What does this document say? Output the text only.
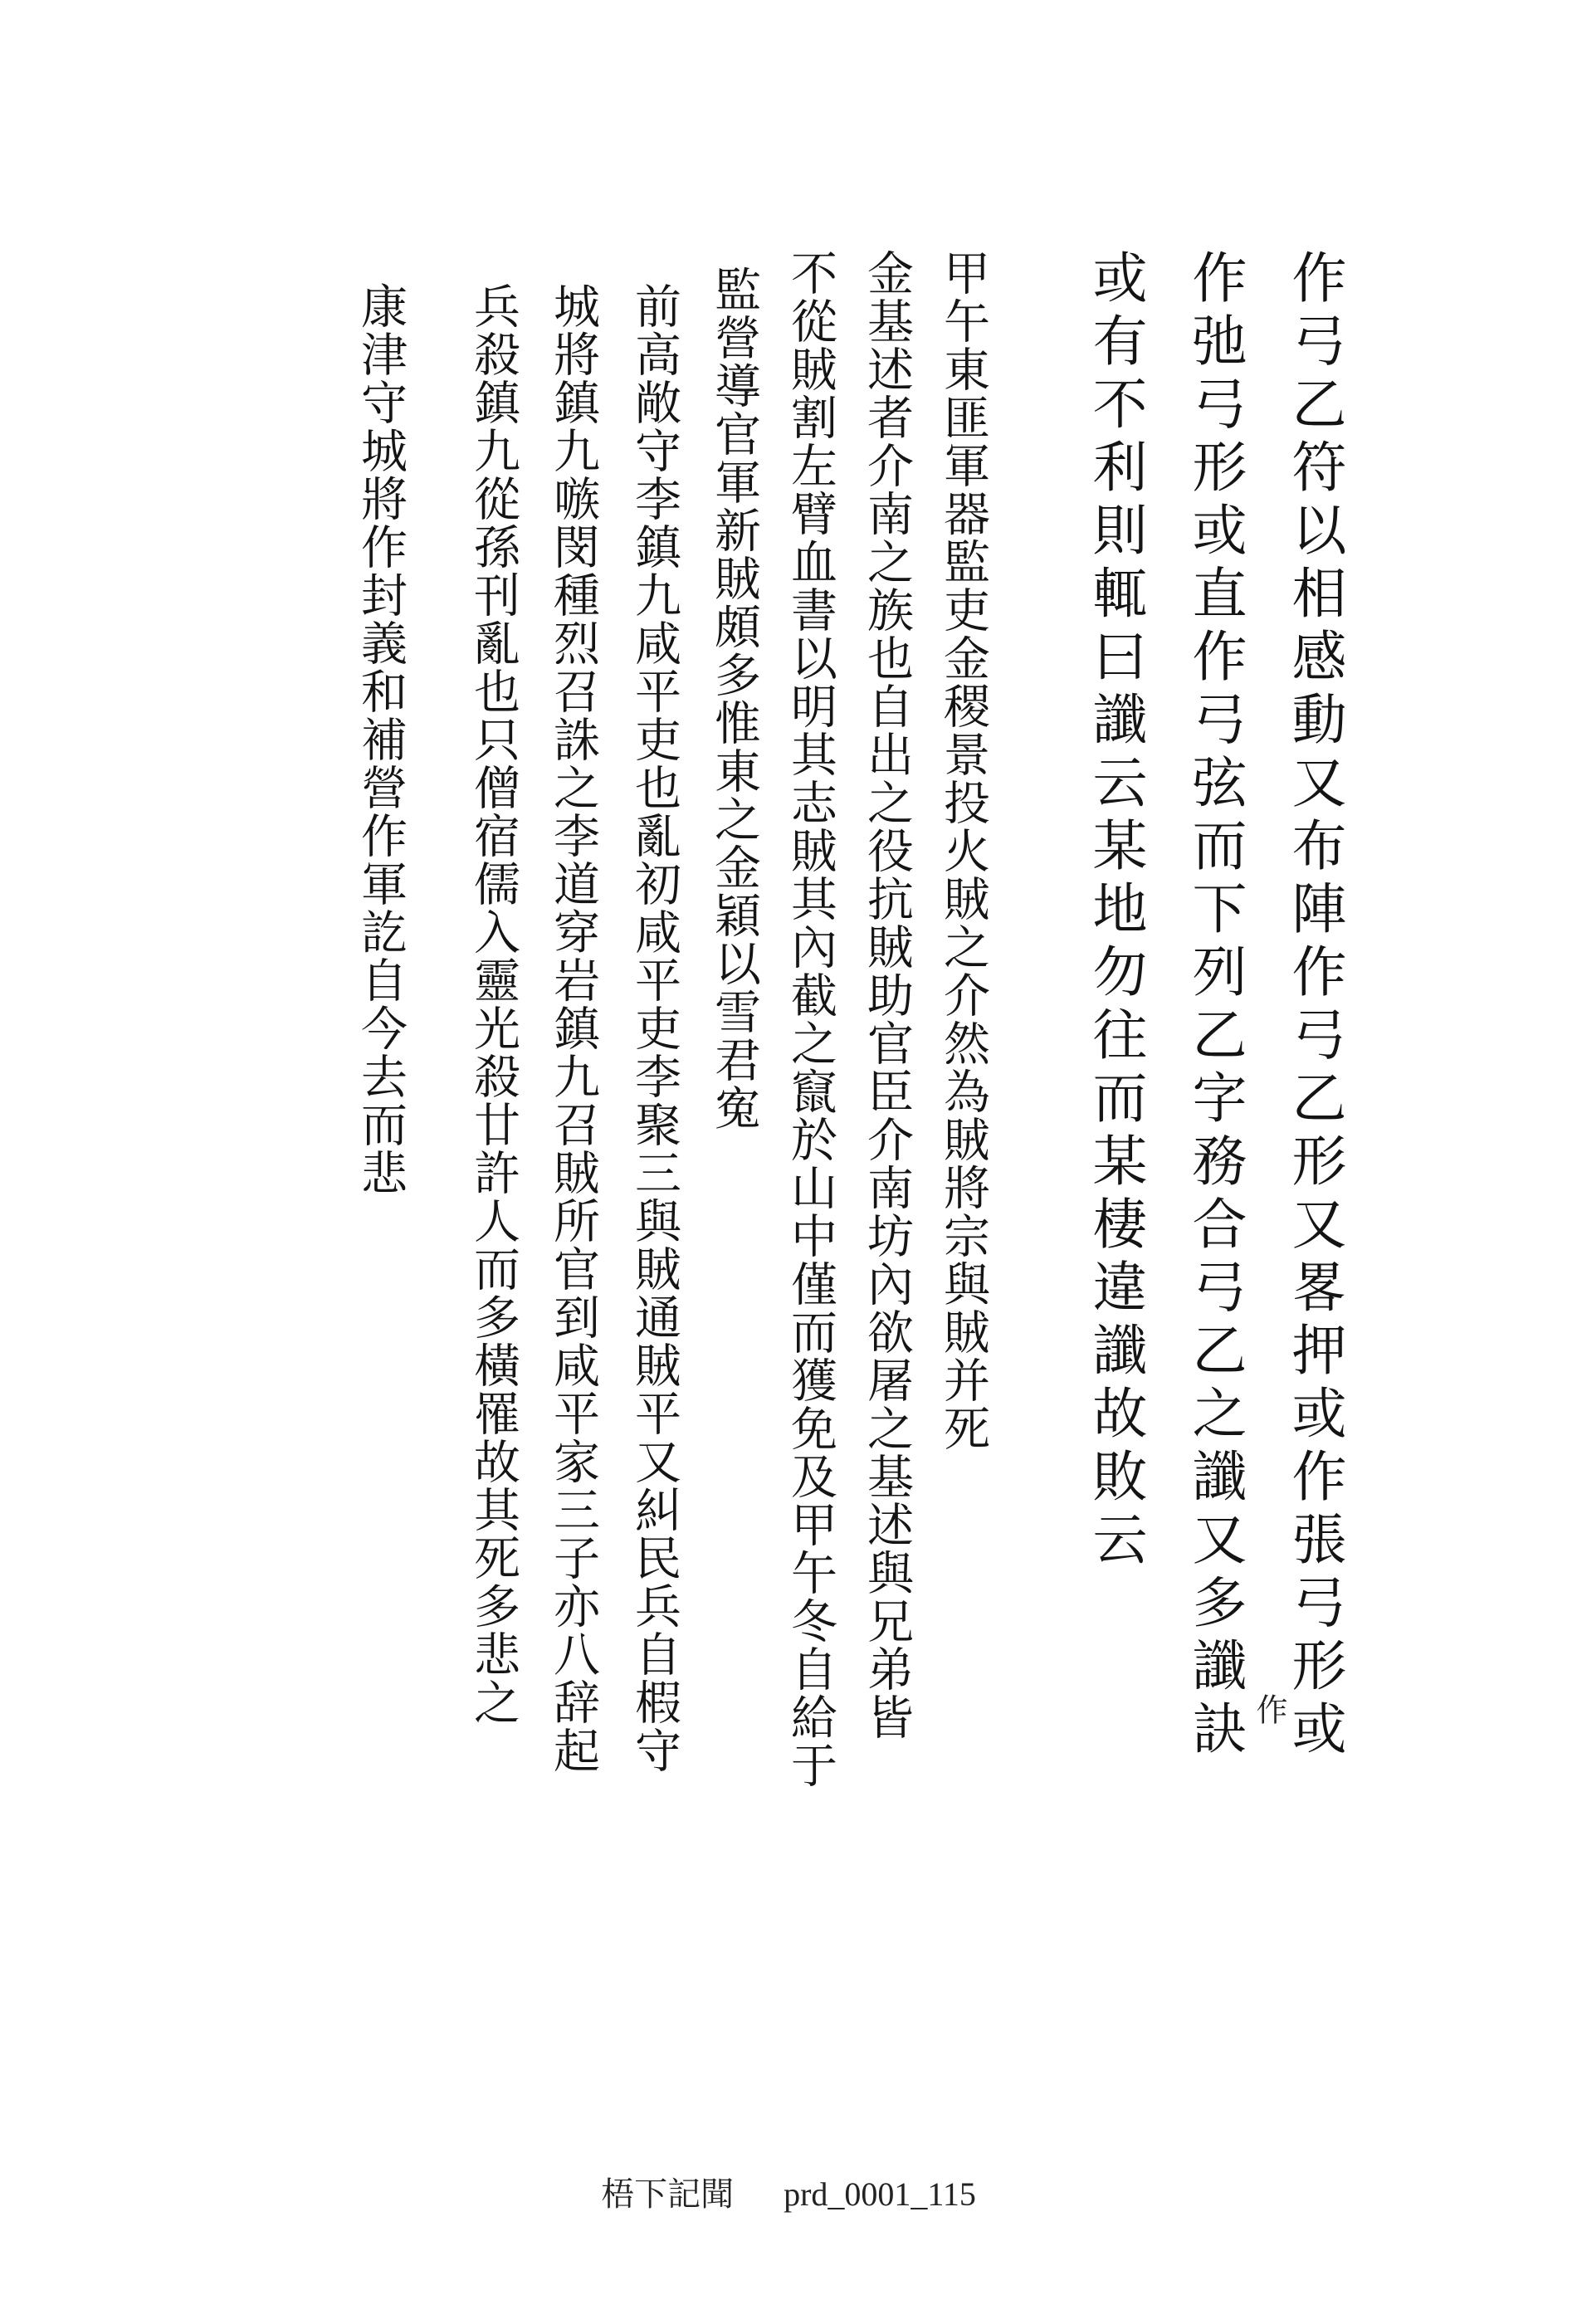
作弓乙符以相感動又布陣作弓乙形又畧押或作張弓形或
作弛弓形或直作弓弦而下列乙字務合弓乙之讖又多讖訣
或有不利則輒曰讖云某地勿往而某棲違讖故敗云
甲午東匪軍器監吏金稷景投火賊之介然為賊將宗與賊并死
金基述者介南之族也自出之役抗賊助官臣介南坊內欲屠之基述與兄弟皆
不從賊割左臂血書以明其志賊其內截之竄於山中僅而獲免及甲午冬自給于
監營導官軍新賊頗多惟東之金穎以雪君寃
前高敞守李鎮九咸平吏也亂初咸平吏李聚三與賊通賊平又糾民兵自椵守
城將鎮九嗾閔種烈召誅之李道穿岩鎮九召賊所官到咸平家三子亦八辞起
兵殺鎮九從孫刊亂也只僧宿儒入靈光殺廿許人而多橫罹故其死多悲之
康津守城將作封義和補營作軍訖自今去而悲
作
梧下記聞 prd_0001_115
